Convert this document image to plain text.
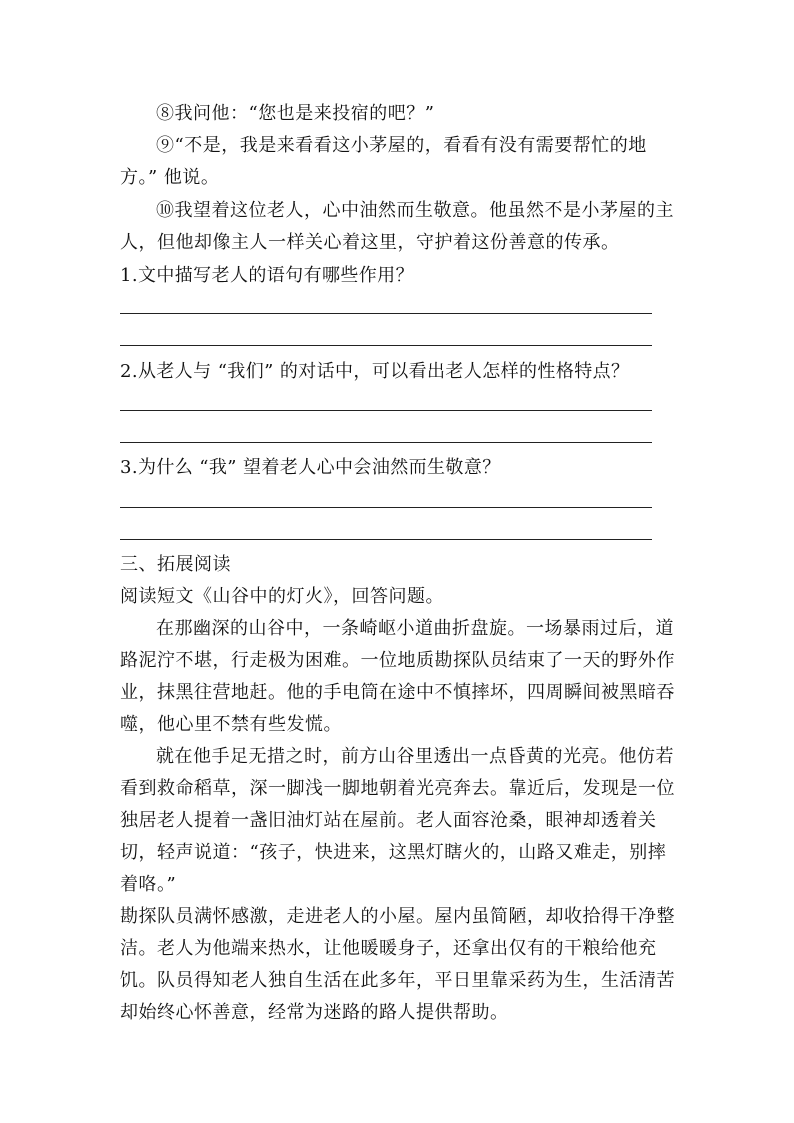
⑧我问他：“您也是来投宿的吧？”
⑨“不是，我是来看看这小茅屋的，看看有没有需要帮忙的地方。” 他说。
⑩我望着这位老人，心中油然而生敬意。他虽然不是小茅屋的主人，但他却像主人一样关心着这里，守护着这份善意的传承。
1.文中描写老人的语句有哪些作用？
2.从老人与 “我们” 的对话中，可以看出老人怎样的性格特点？
3.为什么 “我” 望着老人心中会油然而生敬意？
三、拓展阅读
阅读短文《山谷中的灯火》，回答问题。
在那幽深的山谷中，一条崎岖小道曲折盘旋。一场暴雨过后，道路泥泞不堪，行走极为困难。一位地质勘探队员结束了一天的野外作业，抹黑往营地赶。他的手电筒在途中不慎摔坏，四周瞬间被黑暗吞噬，他心里不禁有些发慌。
就在他手足无措之时，前方山谷里透出一点昏黄的光亮。他仿若看到救命稻草，深一脚浅一脚地朝着光亮奔去。靠近后，发现是一位独居老人提着一盏旧油灯站在屋前。老人面容沧桑，眼神却透着关切，轻声说道：“孩子，快进来，这黑灯瞎火的，山路又难走，别摔着咯。”
勘探队员满怀感激，走进老人的小屋。屋内虽简陋，却收拾得干净整洁。老人为他端来热水，让他暖暖身子，还拿出仅有的干粮给他充饥。队员得知老人独自生活在此多年，平日里靠采药为生，生活清苦却始终心怀善意，经常为迷路的路人提供帮助。
